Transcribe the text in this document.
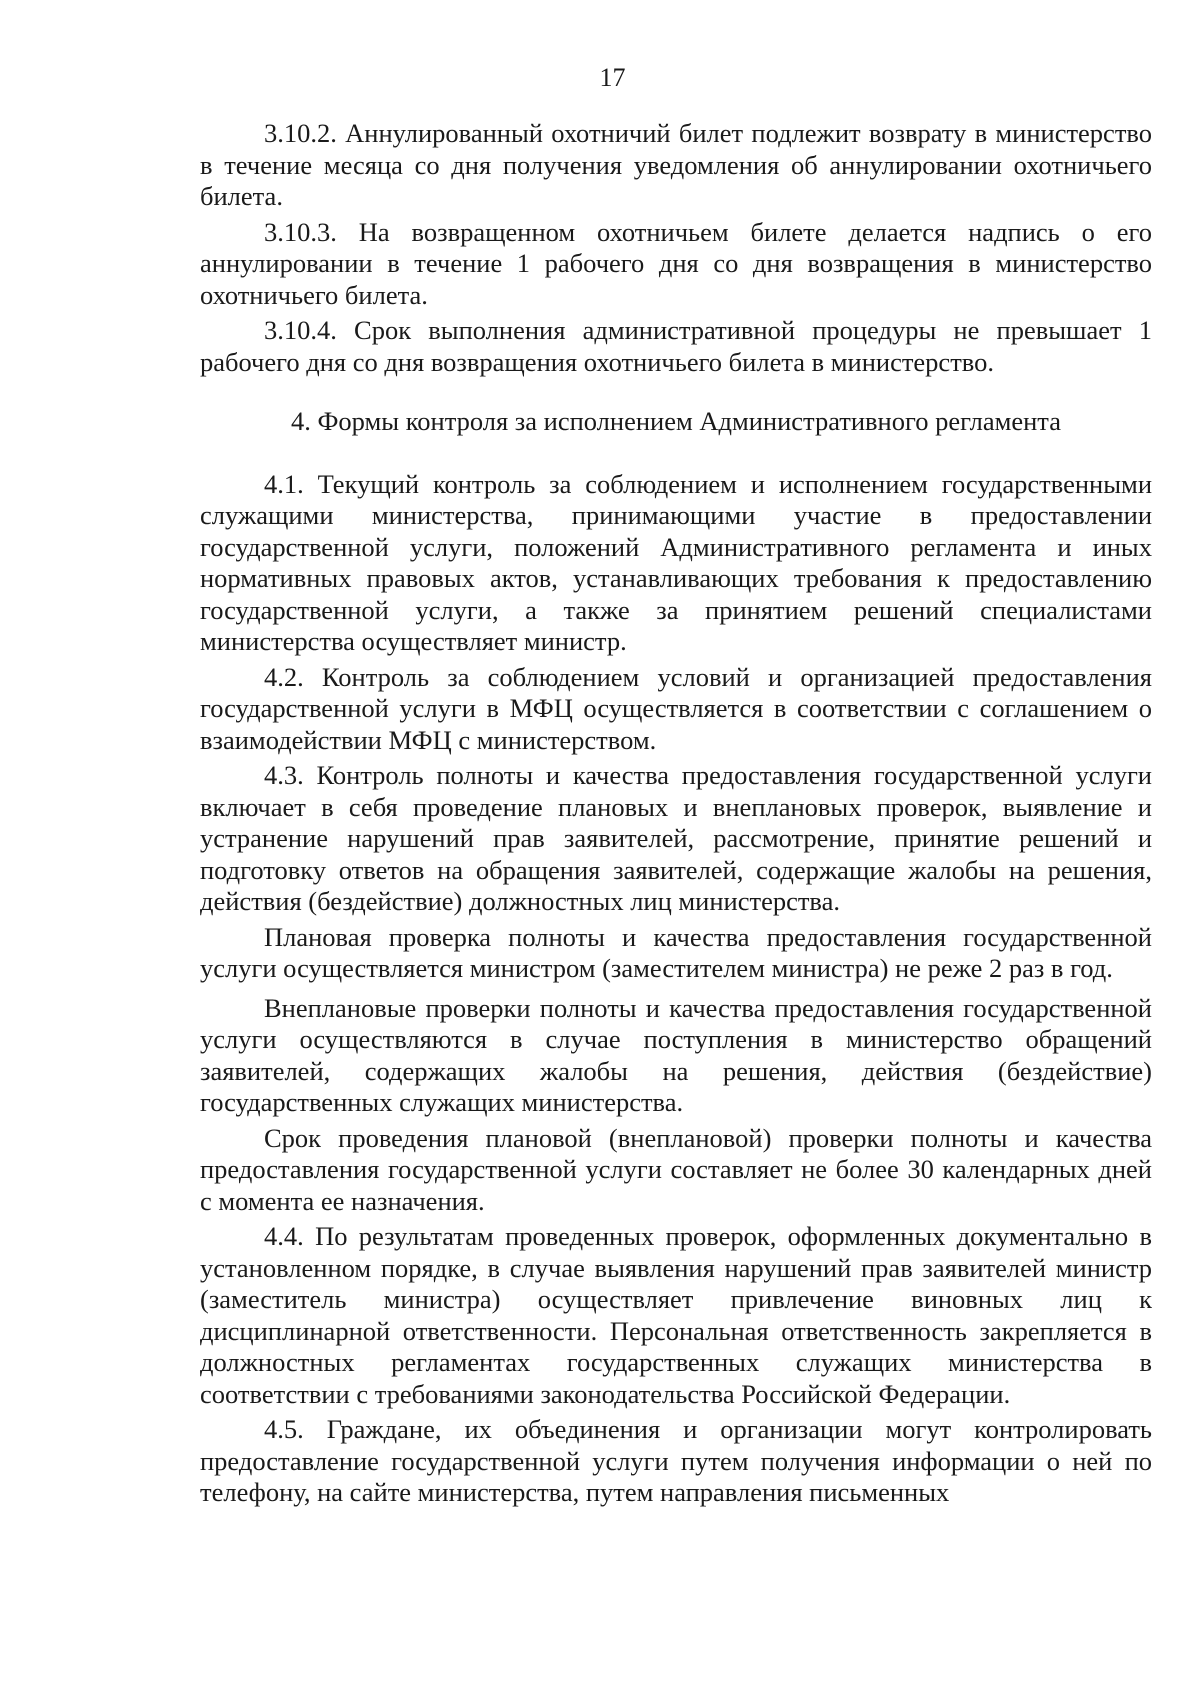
17

3.10.2. Аннулированный охотничий билет подлежит возврату в министерство в течение месяца со дня получения уведомления об аннулировании охотничьего билета.

3.10.3. На возвращенном охотничьем билете делается надпись о его аннулировании в течение 1 рабочего дня со дня возвращения в министерство охотничьего билета.

3.10.4. Срок выполнения административной процедуры не превышает 1 рабочего дня со дня возвращения охотничьего билета в министерство.

4. Формы контроля за исполнением Административного регламента

4.1. Текущий контроль за соблюдением и исполнением государственными служащими министерства, принимающими участие в предоставлении государственной услуги, положений Административного регламента и иных нормативных правовых актов, устанавливающих требования к предоставлению государственной услуги, а также за принятием решений специалистами министерства осуществляет министр.

4.2. Контроль за соблюдением условий и организацией предоставления государственной услуги в МФЦ осуществляется в соответствии с соглашением о взаимодействии МФЦ с министерством.

4.3. Контроль полноты и качества предоставления государственной услуги включает в себя проведение плановых и внеплановых проверок, выявление и устранение нарушений прав заявителей, рассмотрение, принятие решений и подготовку ответов на обращения заявителей, содержащие жалобы на решения, действия (бездействие) должностных лиц министерства.

Плановая проверка полноты и качества предоставления государственной услуги осуществляется министром (заместителем министра) не реже 2 раз в год.

Внеплановые проверки полноты и качества предоставления государственной услуги осуществляются в случае поступления в министерство обращений заявителей, содержащих жалобы на решения, действия (бездействие) государственных служащих министерства.

Срок проведения плановой (внеплановой) проверки полноты и качества предоставления государственной услуги составляет не более 30 календарных дней с момента ее назначения.

4.4. По результатам проведенных проверок, оформленных документально в установленном порядке, в случае выявления нарушений прав заявителей министр (заместитель министра) осуществляет привлечение виновных лиц к дисциплинарной ответственности. Персональная ответственность закрепляется в должностных регламентах государственных служащих министерства в соответствии с требованиями законодательства Российской Федерации.

4.5. Граждане, их объединения и организации могут контролировать предоставление государственной услуги путем получения информации о ней по телефону, на сайте министерства, путем направления письменных
